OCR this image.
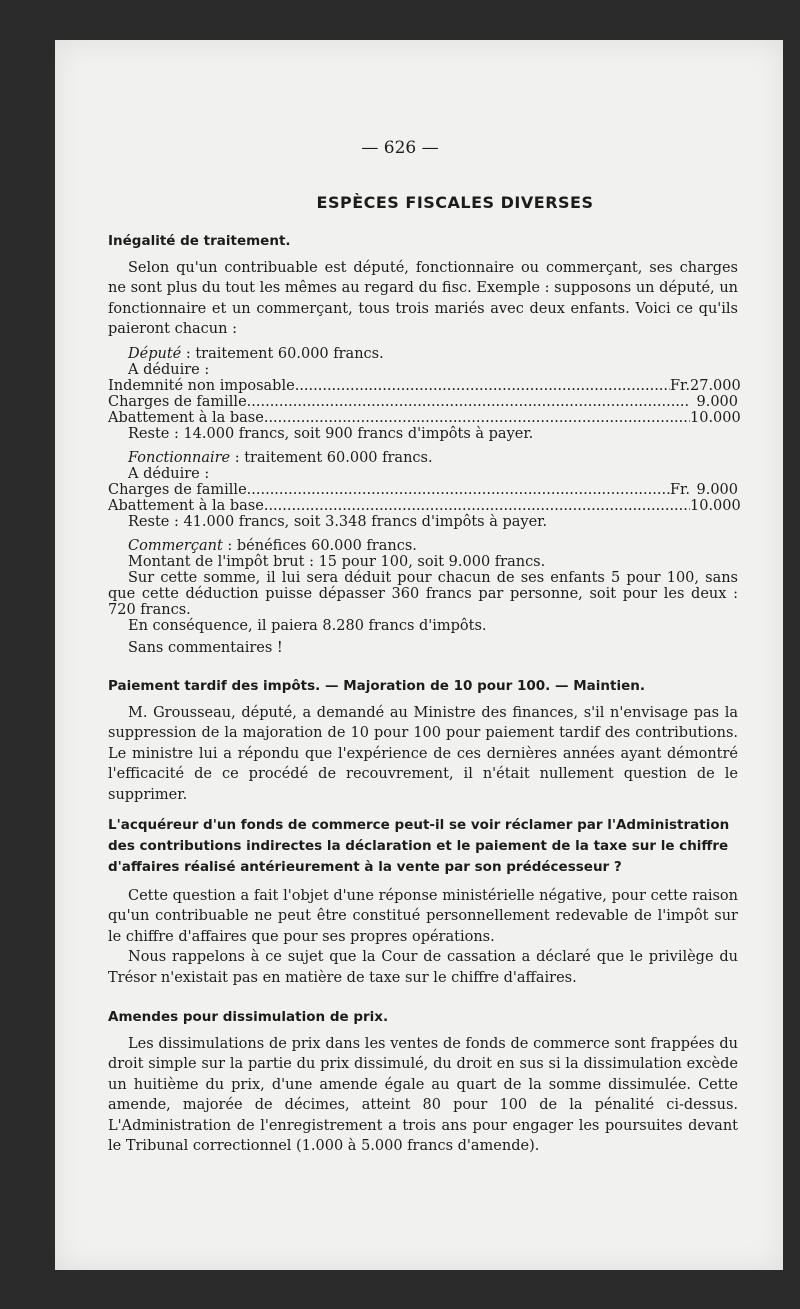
— 626 —
ESPÈCES FISCALES DIVERSES
Inégalité de traitement.
Selon qu'un contribuable est député, fonctionnaire ou commerçant, ses charges ne sont plus du tout les mêmes au regard du fisc. Exemple : supposons un député, un fonctionnaire et un commerçant, tous trois mariés avec deux enfants. Voici ce qu'ils paieront chacun :
Député : traitement 60.000 francs.
A déduire :
Indemnité non imposable .....	Fr. 27.000
Charges de famille .....	9.000
Abattement à la base .....	10.000
Reste : 14.000 francs, soit 900 francs d'impôts à payer.
Fonctionnaire : traitement 60.000 francs.
A déduire :
Charges de famille .....	Fr. 9.000
Abattement à la base .....	10.000
Reste : 41.000 francs, soit 3.348 francs d'impôts à payer.
Commerçant : bénéfices 60.000 francs.
Montant de l'impôt brut : 15 pour 100, soit 9.000 francs.
Sur cette somme, il lui sera déduit pour chacun de ses enfants 5 pour 100, sans que cette déduction puisse dépasser 360 francs par personne, soit pour les deux : 720 francs.
En conséquence, il paiera 8.280 francs d'impôts.
Sans commentaires !
Paiement tardif des impôts. — Majoration de 10 pour 100. — Maintien.
M. Grousseau, député, a demandé au Ministre des finances, s'il n'envisage pas la suppression de la majoration de 10 pour 100 pour paiement tardif des contributions. Le ministre lui a répondu que l'expérience de ces dernières années ayant démontré l'efficacité de ce procédé de recouvrement, il n'était nullement question de le supprimer.
L'acquéreur d'un fonds de commerce peut-il se voir réclamer par l'Administration des contributions indirectes la déclaration et le paiement de la taxe sur le chiffre d'affaires réalisé antérieurement à la vente par son prédécesseur ?
Cette question a fait l'objet d'une réponse ministérielle négative, pour cette raison qu'un contribuable ne peut être constitué personnellement redevable de l'impôt sur le chiffre d'affaires que pour ses propres opérations.
Nous rappelons à ce sujet que la Cour de cassation a déclaré que le privilège du Trésor n'existait pas en matière de taxe sur le chiffre d'affaires.
Amendes pour dissimulation de prix.
Les dissimulations de prix dans les ventes de fonds de commerce sont frappées du droit simple sur la partie du prix dissimulé, du droit en sus si la dissimulation excède un huitième du prix, d'une amende égale au quart de la somme dissimulée. Cette amende, majorée de décimes, atteint 80 pour 100 de la pénalité ci-dessus. L'Administration de l'enregistrement a trois ans pour engager les poursuites devant le Tribunal correctionnel (1.000 à 5.000 francs d'amende).
